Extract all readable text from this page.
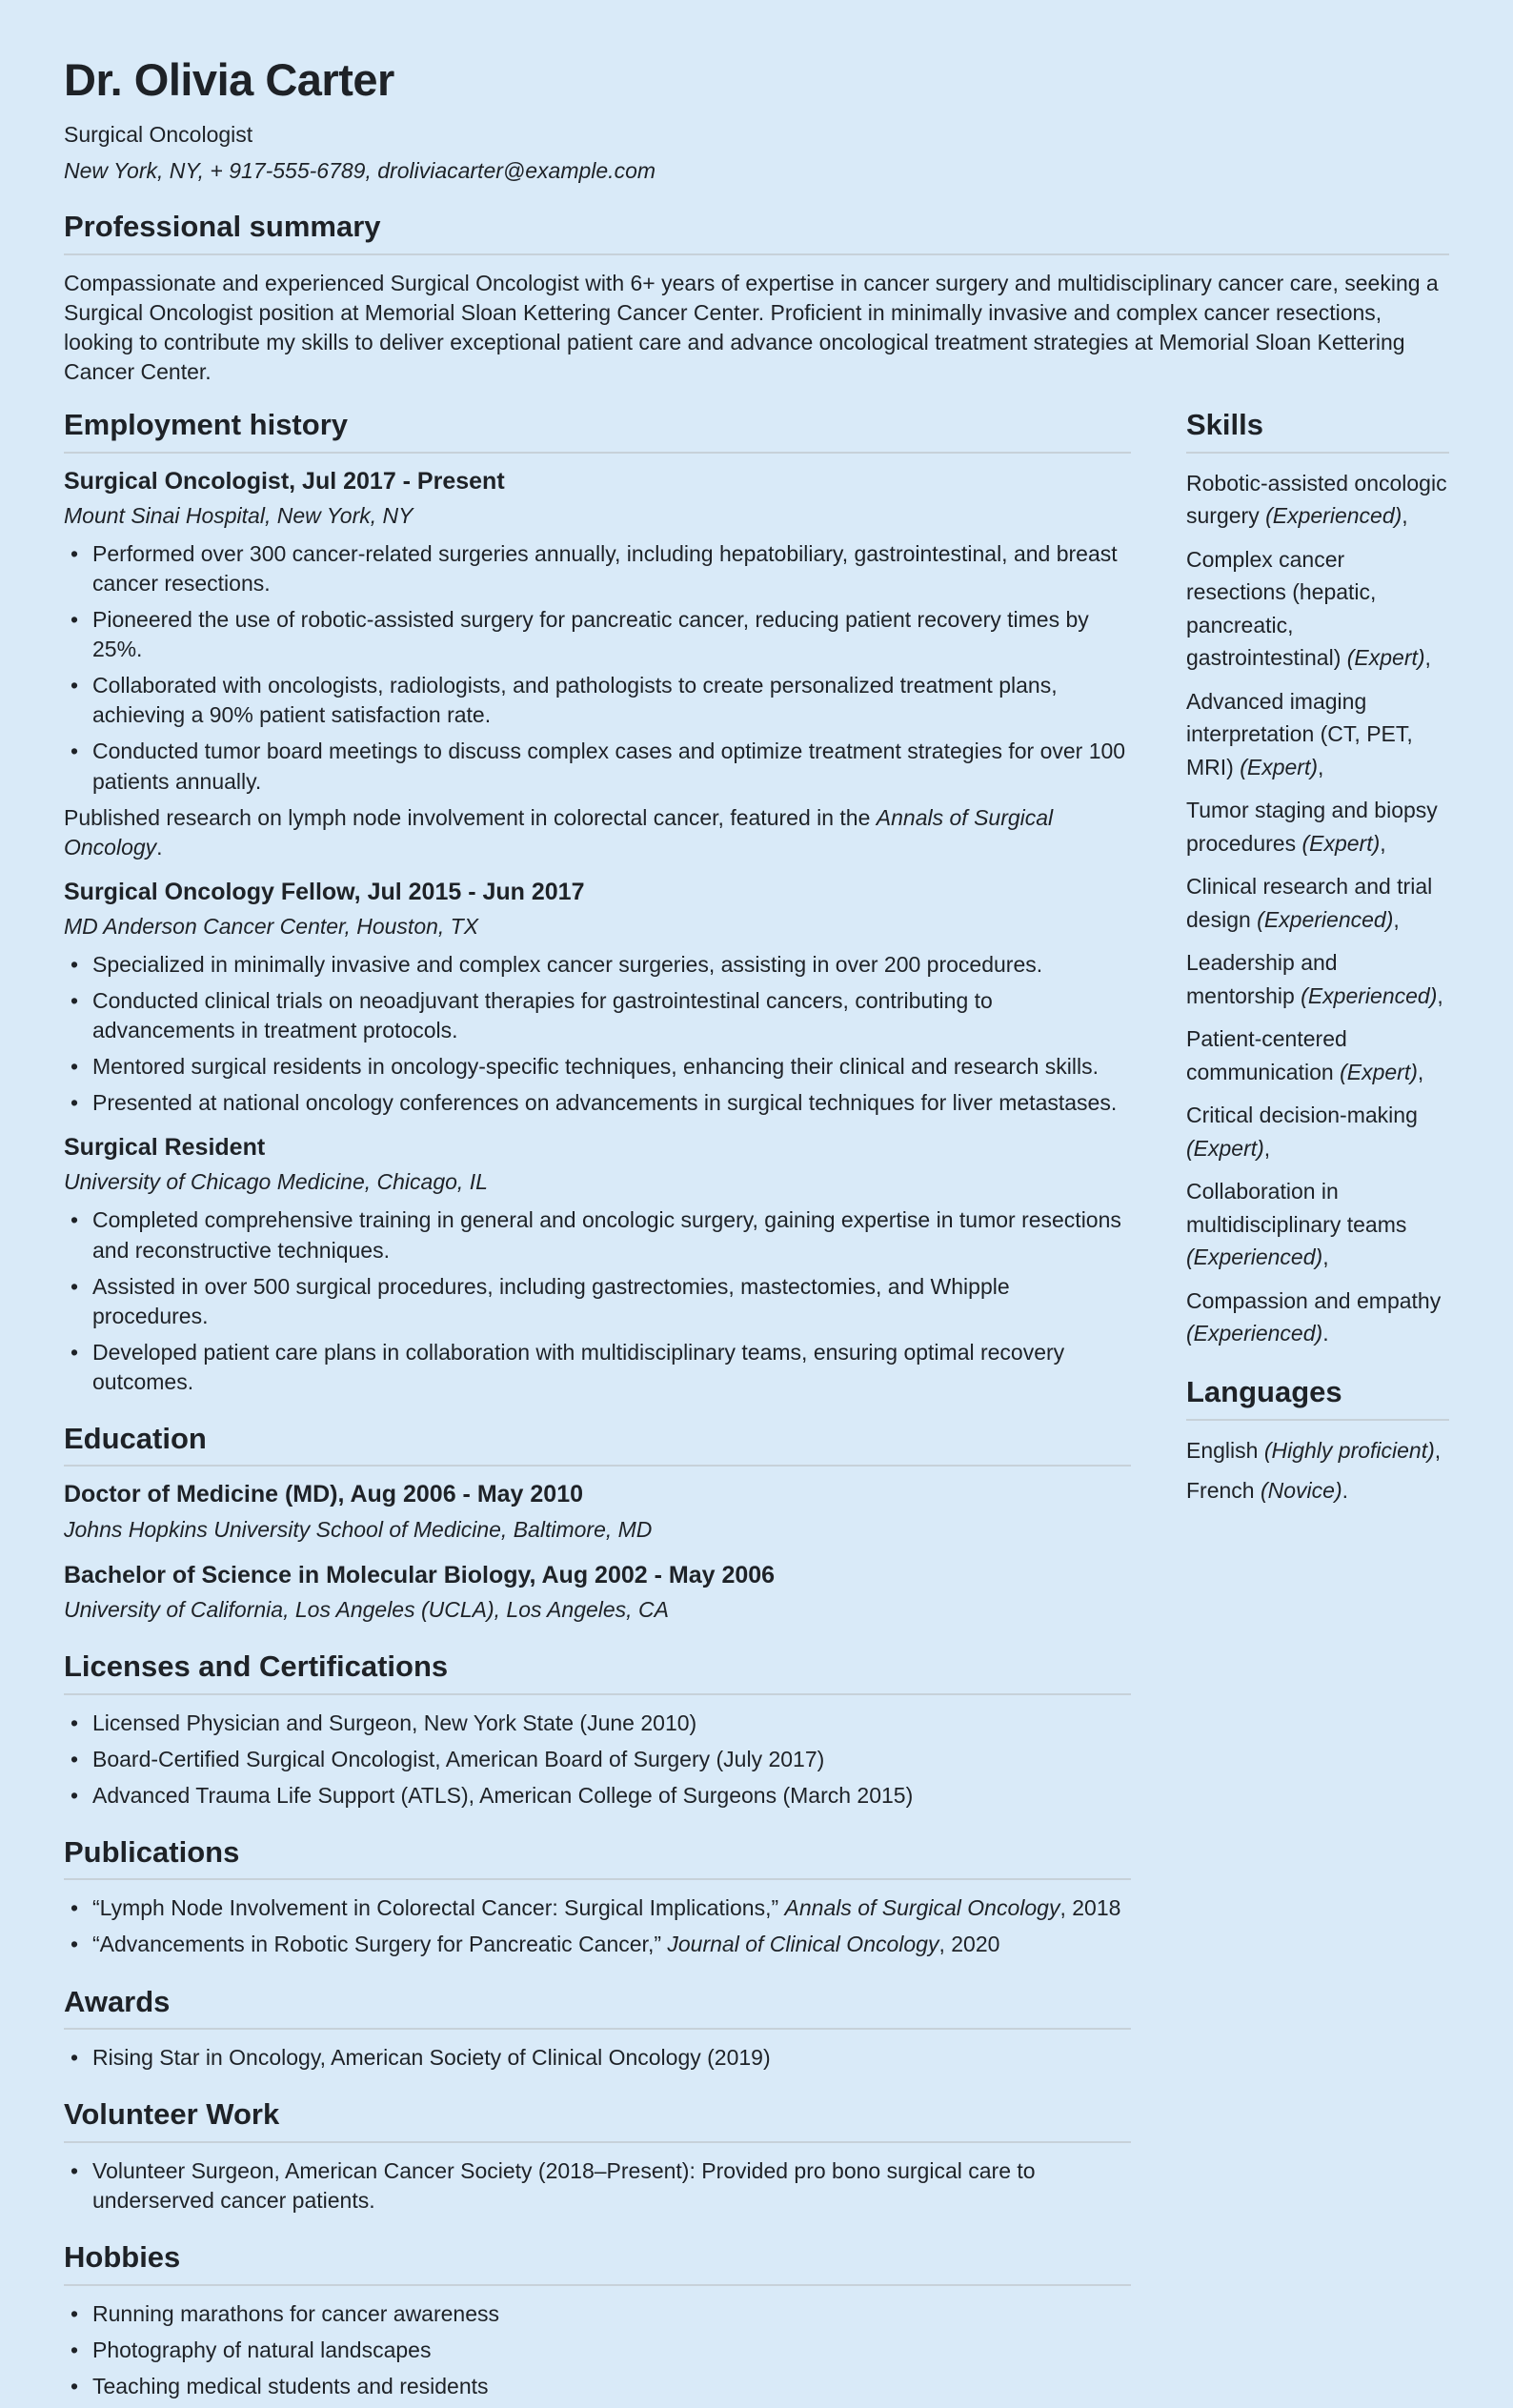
Dr. Olivia Carter

Surgical Oncologist

New York, NY, + 917-555-6789, droliviacarter@example.com

Professional summary

Compassionate and experienced Surgical Oncologist with 6+ years of expertise in cancer surgery and multidisciplinary cancer care, seeking a Surgical Oncologist position at Memorial Sloan Kettering Cancer Center. Proficient in minimally invasive and complex cancer resections, looking to contribute my skills to deliver exceptional patient care and advance oncological treatment strategies at Memorial Sloan Kettering Cancer Center.

Employment history
Surgical Oncologist, Jul 2017 - Present

Mount Sinai Hospital, New York, NY

• Performed over 300 cancer-related surgeries annually, including hepatobiliary, gastrointestinal, and breast cancer resections.
• Pioneered the use of robotic-assisted surgery for pancreatic cancer, reducing patient recovery times by 25%.
• Collaborated with oncologists, radiologists, and pathologists to create personalized treatment plans, achieving a 90% patient satisfaction rate.
• Conducted tumor board meetings to discuss complex cases and optimize treatment strategies for over 100 patients annually.

Published research on lymph node involvement in colorectal cancer, featured in the Annals of Surgical Oncology.

Surgical Oncology Fellow, Jul 2015 - Jun 2017

MD Anderson Cancer Center, Houston, TX

• Specialized in minimally invasive and complex cancer surgeries, assisting in over 200 procedures.
• Conducted clinical trials on neoadjuvant therapies for gastrointestinal cancers, contributing to advancements in treatment protocols.
• Mentored surgical residents in oncology-specific techniques, enhancing their clinical and research skills.
• Presented at national oncology conferences on advancements in surgical techniques for liver metastases.
Surgical Resident

University of Chicago Medicine, Chicago, IL

• Completed comprehensive training in general and oncologic surgery, gaining expertise in tumor resections and reconstructive techniques.
• Assisted in over 500 surgical procedures, including gastrectomies, mastectomies, and Whipple procedures.
• Developed patient care plans in collaboration with multidisciplinary teams, ensuring optimal recovery outcomes.
Education
Doctor of Medicine (MD), Aug 2006 - May 2010

Johns Hopkins University School of Medicine, Baltimore, MD

Bachelor of Science in Molecular Biology, Aug 2002 - May 2006

University of California, Los Angeles (UCLA), Los Angeles, CA

Licenses and Certifications
• Licensed Physician and Surgeon, New York State (June 2010)
• Board-Certified Surgical Oncologist, American Board of Surgery (July 2017)
• Advanced Trauma Life Support (ATLS), American College of Surgeons (March 2015)
Publications
• “Lymph Node Involvement in Colorectal Cancer: Surgical Implications,” Annals of Surgical Oncology, 2018
• “Advancements in Robotic Surgery for Pancreatic Cancer,” Journal of Clinical Oncology, 2020
Awards
• Rising Star in Oncology, American Society of Clinical Oncology (2019)
Volunteer Work
• Volunteer Surgeon, American Cancer Society (2018–Present): Provided pro bono surgical care to underserved cancer patients.
Hobbies
• Running marathons for cancer awareness
• Photography of natural landscapes
• Teaching medical students and residents
Skills
Robotic-assisted oncologic surgery (Experienced),
Complex cancer resections (hepatic, pancreatic, gastrointestinal) (Expert),
Advanced imaging interpretation (CT, PET, MRI) (Expert),
Tumor staging and biopsy procedures (Expert),
Clinical research and trial design (Experienced),
Leadership and mentorship (Experienced),
Patient-centered communication (Expert),
Critical decision-making (Expert),
Collaboration in multidisciplinary teams (Experienced),
Compassion and empathy (Experienced).
Languages
English (Highly proficient),
French (Novice).
